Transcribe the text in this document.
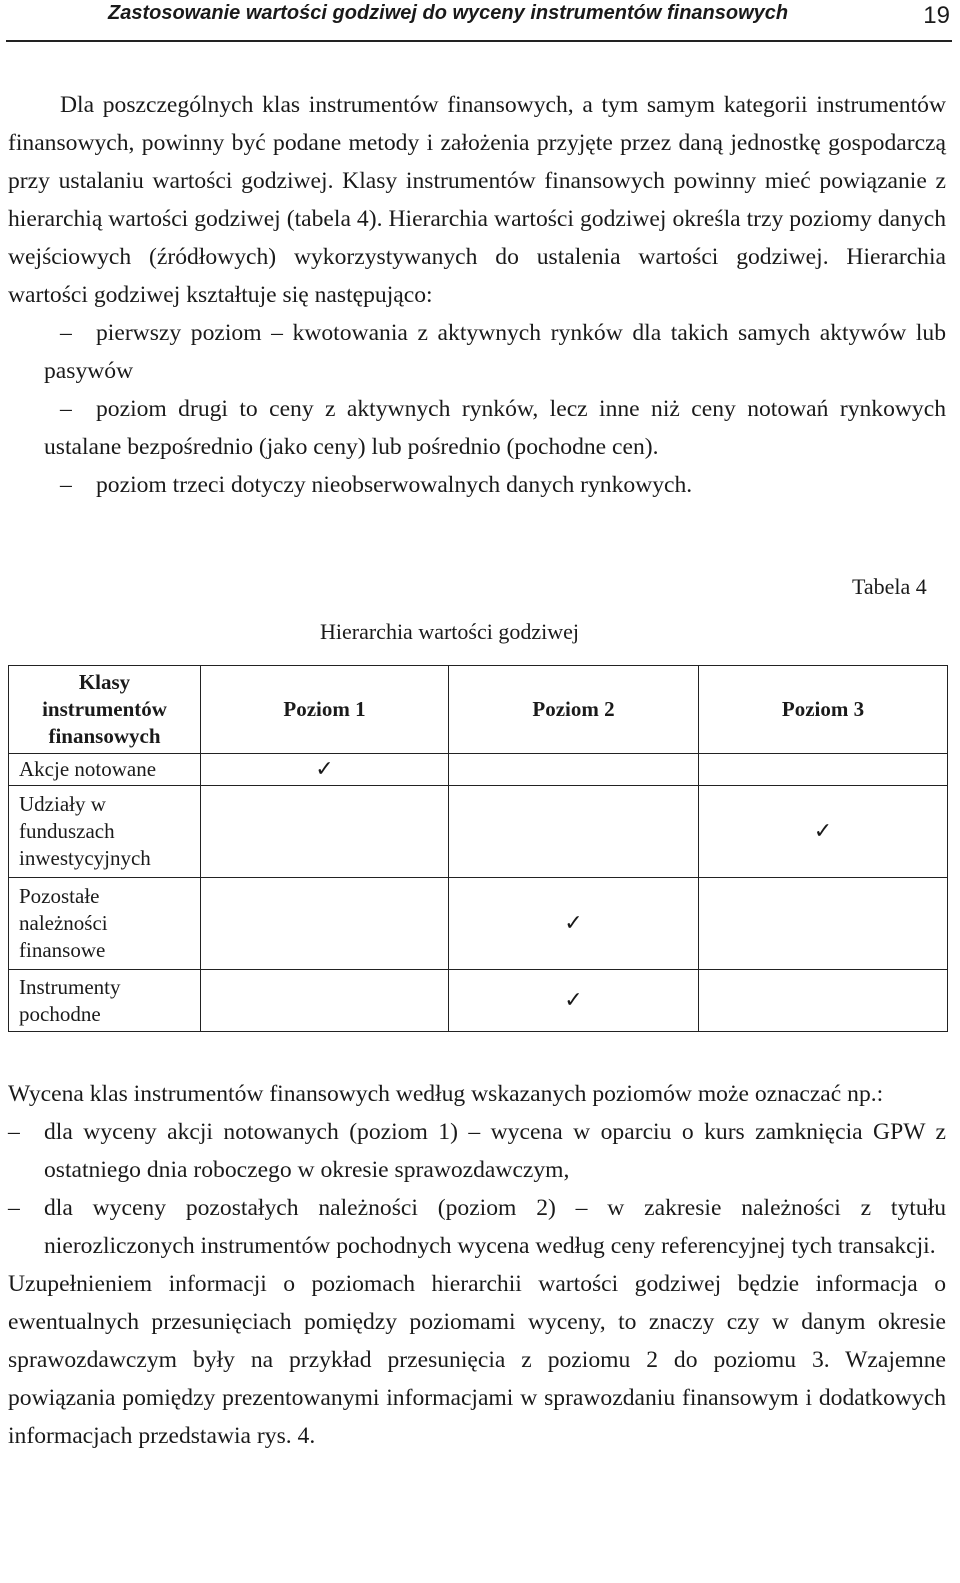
Zastosowanie wartości godziwej do wyceny instrumentów finansowych	19
Dla poszczególnych klas instrumentów finansowych, a tym samym kategorii instrumentów finansowych, powinny być podane metody i założenia przyjęte przez daną jednostkę gospodarczą przy ustalaniu wartości godziwej. Klasy instrumentów finansowych powinny mieć powiązanie z hierarchią wartości godziwej (tabela 4). Hierarchia wartości godziwej określa trzy poziomy danych wejściowych (źródłowych) wykorzystywanych do ustalenia wartości godziwej. Hierarchia wartości godziwej kształtuje się następująco:
– pierwszy poziom – kwotowania z aktywnych rynków dla takich samych aktywów lub pasywów
– poziom drugi to ceny z aktywnych rynków, lecz inne niż ceny notowań rynkowych ustalane bezpośrednio (jako ceny) lub pośrednio (pochodne cen).
– poziom trzeci dotyczy nieobserwowalnych danych rynkowych.
Tabela 4
Hierarchia wartości godziwej
Klasy instrumentów finansowych	Poziom 1	Poziom 2	Poziom 3
Akcje notowane	✓		
Udziały w funduszach inwestycyjnych			✓
Pozostałe należności finansowe		✓	
Instrumenty pochodne		✓	
Wycena klas instrumentów finansowych według wskazanych poziomów może oznaczać np.:
– dla wyceny akcji notowanych (poziom 1) – wycena w oparciu o kurs zamknięcia GPW z ostatniego dnia roboczego w okresie sprawozdawczym,
– dla wyceny pozostałych należności (poziom 2) – w zakresie należności z tytułu nierozliczonych instrumentów pochodnych wycena według ceny referencyjnej tych transakcji.
Uzupełnieniem informacji o poziomach hierarchii wartości godziwej będzie informacja o ewentualnych przesunięciach pomiędzy poziomami wyceny, to znaczy czy w danym okresie sprawozdawczym były na przykład przesunięcia z poziomu 2 do poziomu 3. Wzajemne powiązania pomiędzy prezentowanymi informacjami w sprawozdaniu finansowym i dodatkowych informacjach przedstawia rys. 4.
